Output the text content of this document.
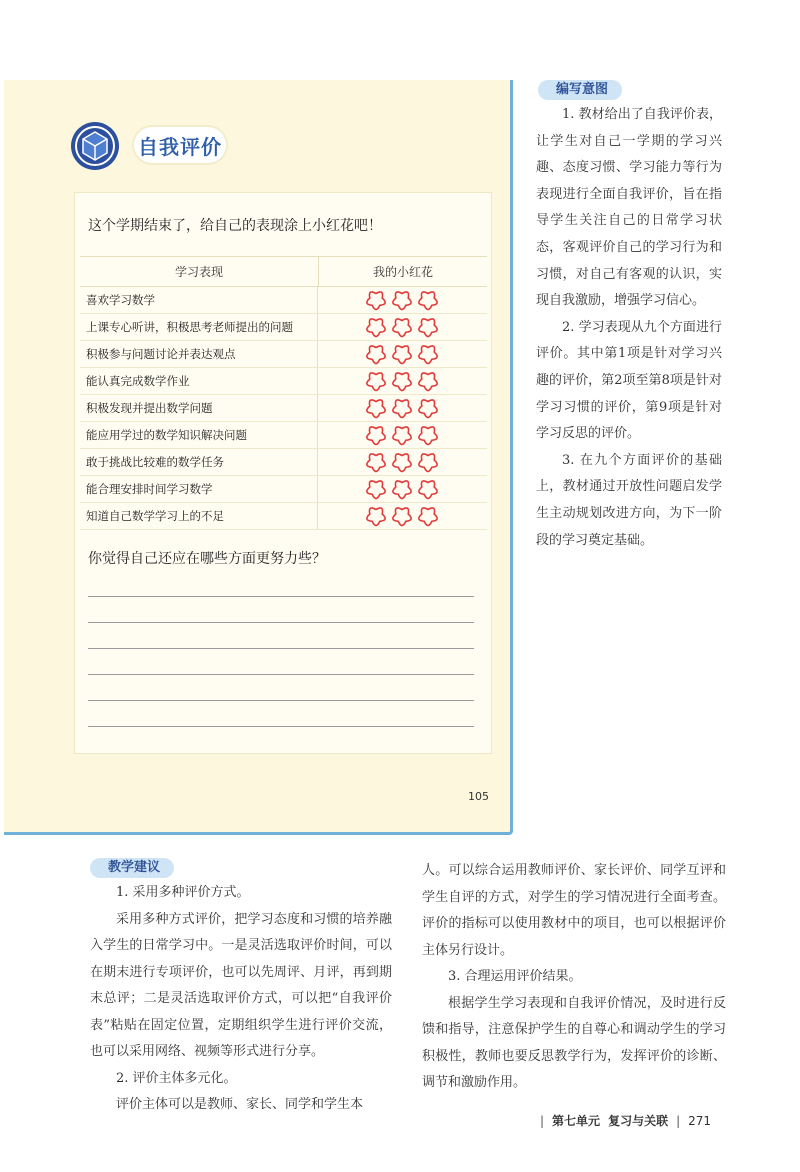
自我评价
这个学期结束了，给自己的表现涂上小红花吧！
学习表现	我的小红花
喜欢学习数学
上课专心听讲，积极思考老师提出的问题
积极参与问题讨论并表达观点
能认真完成数学作业
积极发现并提出数学问题
能应用学过的数学知识解决问题
敢于挑战比较难的数学任务
能合理安排时间学习数学
知道自己数学学习上的不足
你觉得自己还应在哪些方面更努力些？
105
编写意图

1. 教材给出了自我评价表，让学生对自己一学期的学习兴趣、态度习惯、学习能力等行为表现进行全面自我评价，旨在指导学生关注自己的日常学习状态，客观评价自己的学习行为和习惯，对自己有客观的认识，实现自我激励，增强学习信心。

2. 学习表现从九个方面进行评价。其中第1项是针对学习兴趣的评价，第2项至第8项是针对学习习惯的评价，第9项是针对学习反思的评价。

3. 在九个方面评价的基础上，教材通过开放性问题启发学生主动规划改进方向，为下一阶段的学习奠定基础。

教学建议

1. 采用多种评价方式。

采用多种方式评价，把学习态度和习惯的培养融入学生的日常学习中。一是灵活选取评价时间，可以在期末进行专项评价，也可以先周评、月评，再到期末总评；二是灵活选取评价方式，可以把“自我评价表”粘贴在固定位置，定期组织学生进行评价交流，也可以采用网络、视频等形式进行分享。

2. 评价主体多元化。

评价主体可以是教师、家长、同学和学生本

人。可以综合运用教师评价、家长评价、同学互评和学生自评的方式，对学生的学习情况进行全面考查。评价的指标可以使用教材中的项目，也可以根据评价主体另行设计。

3. 合理运用评价结果。

根据学生学习表现和自我评价情况，及时进行反馈和指导，注意保护学生的自尊心和调动学生的学习积极性，教师也要反思教学行为，发挥评价的诊断、调节和激励作用。

| 第七单元 复习与关联 | 271
